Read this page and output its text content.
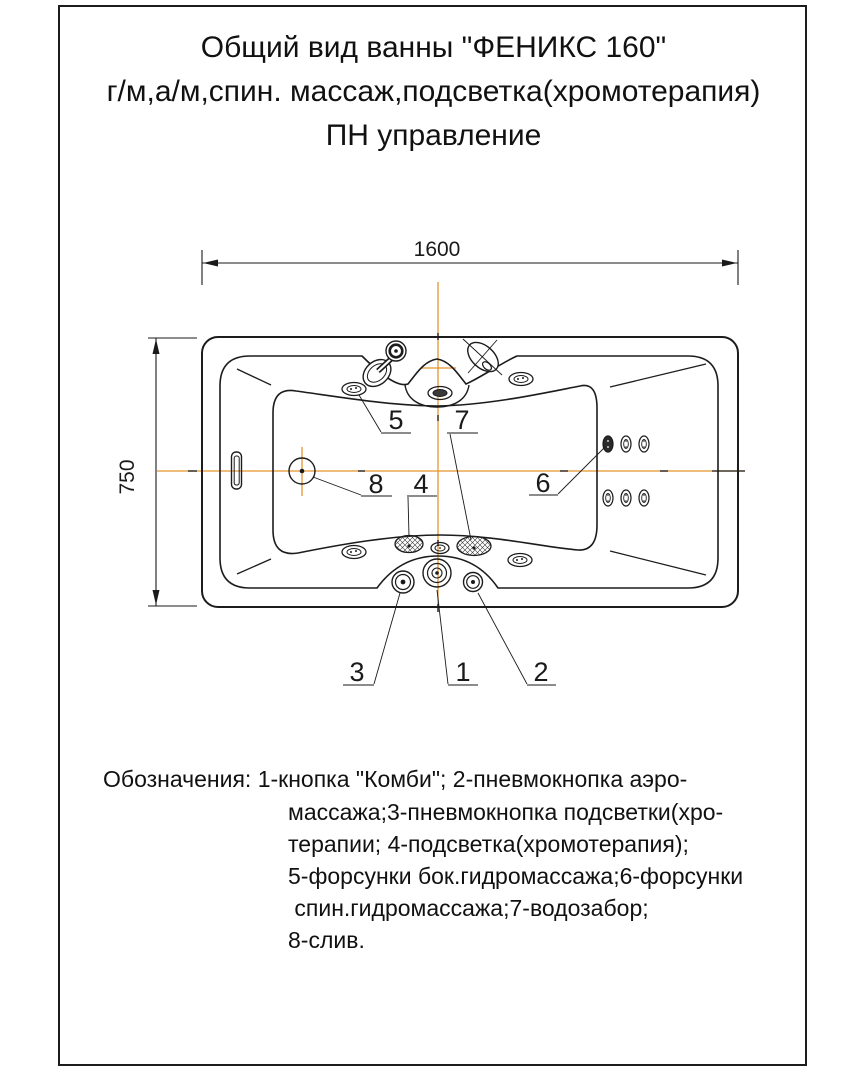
Общий вид ванны "ФЕНИКС 160"
г/м,а/м,спин. массаж,подсветка(хромотерапия)
ПН управление
1600
750
5 7
8 4	6
3	1 2
Обозначения: 1-кнопка "Комби"; 2-пневмокнопка аэро-
массажа;3-пневмокнопка подсветки(хро-
терапии; 4-подсветка(хромотерапия);
5-форсунки бок.гидромассажа;6-форсунки
спин.гидромассажа;7-водозабор;
8-слив.
